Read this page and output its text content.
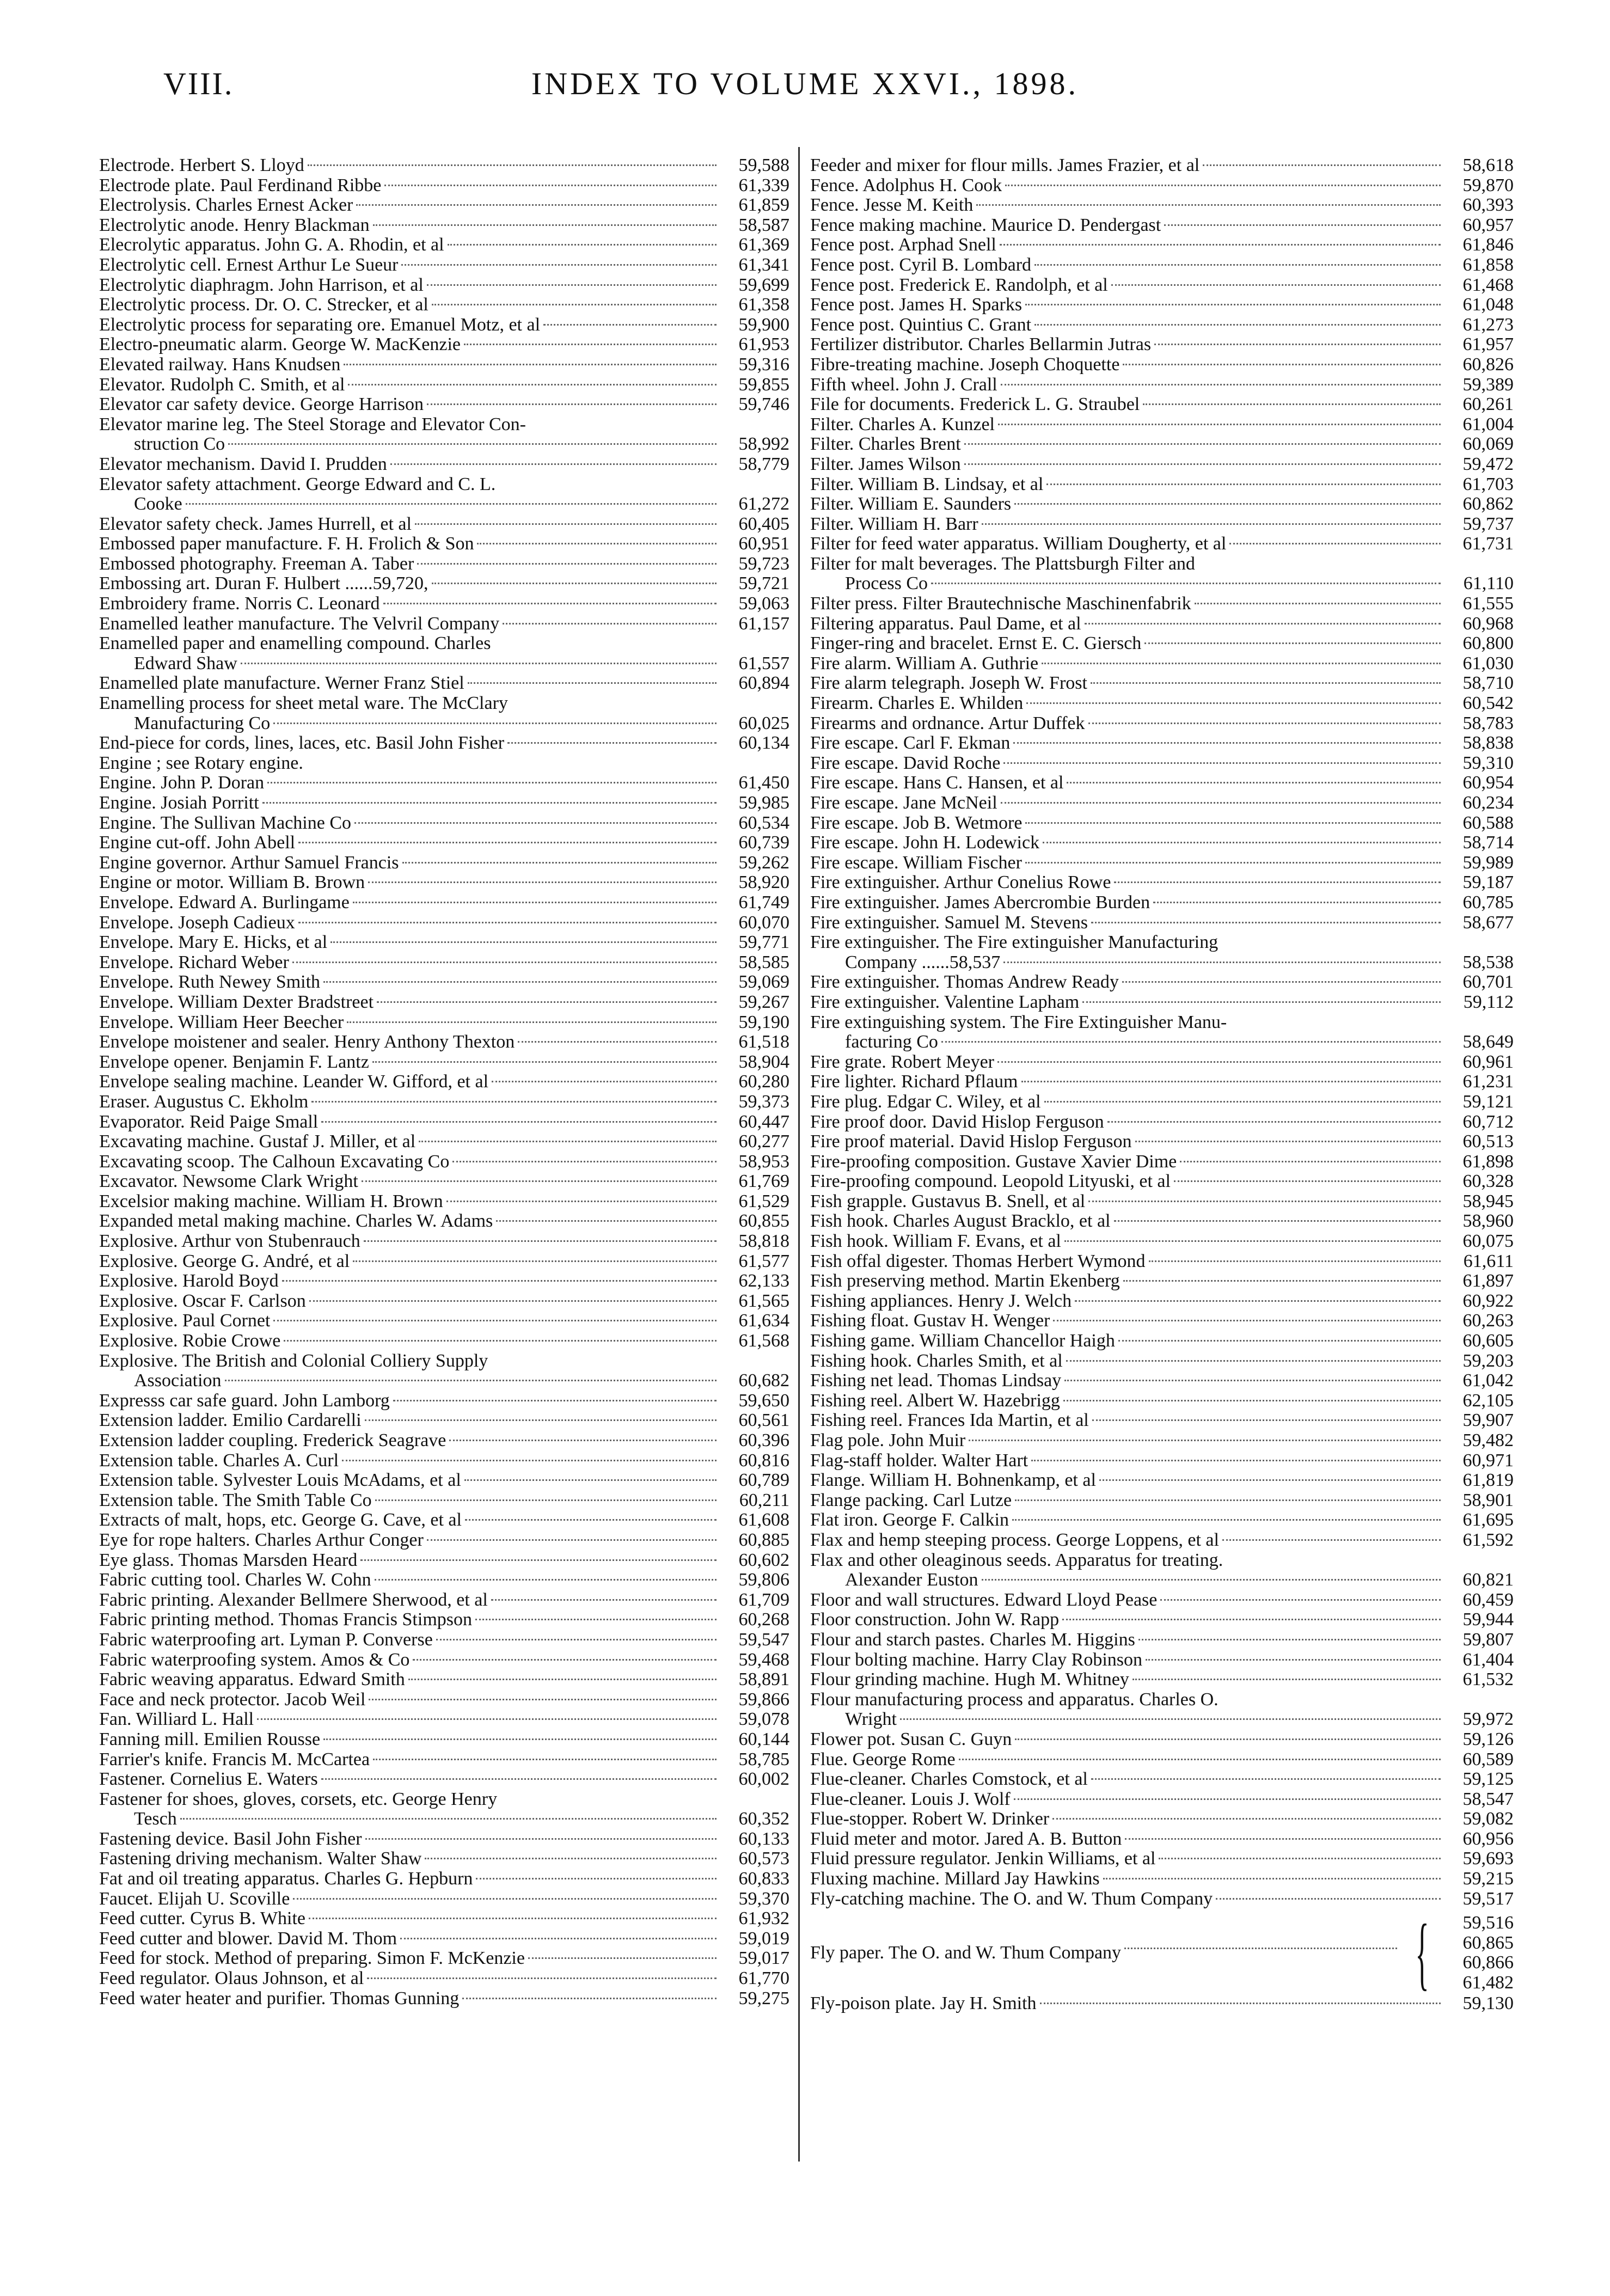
VIII.	INDEX TO VOLUME XXVI., 1898.
Electrode. Herbert S. Lloyd	59,588
Electrode plate. Paul Ferdinand Ribbe	61,339
Electrolysis. Charles Ernest Acker	61,859
Electrolytic anode. Henry Blackman	58,587
Elecrolytic apparatus. John G. A. Rhodin, et al	61,369
Electrolytic cell. Ernest Arthur Le Sueur	61,341
Electrolytic diaphragm. John Harrison, et al	59,699
Electrolytic process. Dr. O. C. Strecker, et al	61,358
Electrolytic process for separating ore. Emanuel Motz, et al	59,900
Electro-pneumatic alarm. George W. MacKenzie	61,953
Elevated railway. Hans Knudsen	59,316
Elevator. Rudolph C. Smith, et al	59,855
Elevator car safety device. George Harrison	59,746
Elevator marine leg. The Steel Storage and Elevator Con-
struction Co	58,992
Elevator mechanism. David I. Prudden	58,779
Elevator safety attachment. George Edward and C. L.
Cooke	61,272
Elevator safety check. James Hurrell, et al	60,405
Embossed paper manufacture. F. H. Frolich & Son	60,951
Embossed photography. Freeman A. Taber	59,723
Embossing art. Duran F. Hulbert ......59,720,	59,721
Embroidery frame. Norris C. Leonard	59,063
Enamelled leather manufacture. The Velvril Company	61,157
Enamelled paper and enamelling compound. Charles
Edward Shaw	61,557
Enamelled plate manufacture. Werner Franz Stiel	60,894
Enamelling process for sheet metal ware. The McClary
Manufacturing Co	60,025
End-piece for cords, lines, laces, etc. Basil John Fisher	60,134
Engine ; see Rotary engine.
Engine. John P. Doran	61,450
Engine. Josiah Porritt	59,985
Engine. The Sullivan Machine Co	60,534
Engine cut-off. John Abell	60,739
Engine governor. Arthur Samuel Francis	59,262
Engine or motor. William B. Brown	58,920
Envelope. Edward A. Burlingame	61,749
Envelope. Joseph Cadieux	60,070
Envelope. Mary E. Hicks, et al	59,771
Envelope. Richard Weber	58,585
Envelope. Ruth Newey Smith	59,069
Envelope. William Dexter Bradstreet	59,267
Envelope. William Heer Beecher	59,190
Envelope moistener and sealer. Henry Anthony Thexton	61,518
Envelope opener. Benjamin F. Lantz	58,904
Envelope sealing machine. Leander W. Gifford, et al	60,280
Eraser. Augustus C. Ekholm	59,373
Evaporator. Reid Paige Small	60,447
Excavating machine. Gustaf J. Miller, et al	60,277
Excavating scoop. The Calhoun Excavating Co	58,953
Excavator. Newsome Clark Wright	61,769
Excelsior making machine. William H. Brown	61,529
Expanded metal making machine. Charles W. Adams	60,855
Explosive. Arthur von Stubenrauch	58,818
Explosive. George G. André, et al	61,577
Explosive. Harold Boyd	62,133
Explosive. Oscar F. Carlson	61,565
Explosive. Paul Cornet	61,634
Explosive. Robie Crowe	61,568
Explosive. The British and Colonial Colliery Supply
Association	60,682
Expresss car safe guard. John Lamborg	59,650
Extension ladder. Emilio Cardarelli	60,561
Extension ladder coupling. Frederick Seagrave	60,396
Extension table. Charles A. Curl	60,816
Extension table. Sylvester Louis McAdams, et al	60,789
Extension table. The Smith Table Co	60,211
Extracts of malt, hops, etc. George G. Cave, et al	61,608
Eye for rope halters. Charles Arthur Conger	60,885
Eye glass. Thomas Marsden Heard	60,602
Fabric cutting tool. Charles W. Cohn	59,806
Fabric printing. Alexander Bellmere Sherwood, et al	61,709
Fabric printing method. Thomas Francis Stimpson	60,268
Fabric waterproofing art. Lyman P. Converse	59,547
Fabric waterproofing system. Amos & Co	59,468
Fabric weaving apparatus. Edward Smith	58,891
Face and neck protector. Jacob Weil	59,866
Fan. Williard L. Hall	59,078
Fanning mill. Emilien Rousse	60,144
Farrier's knife. Francis M. McCartea	58,785
Fastener. Cornelius E. Waters	60,002
Fastener for shoes, gloves, corsets, etc. George Henry
Tesch	60,352
Fastening device. Basil John Fisher	60,133
Fastening driving mechanism. Walter Shaw	60,573
Fat and oil treating apparatus. Charles G. Hepburn	60,833
Faucet. Elijah U. Scoville	59,370
Feed cutter. Cyrus B. White	61,932
Feed cutter and blower. David M. Thom	59,019
Feed for stock. Method of preparing. Simon F. McKenzie	59,017
Feed regulator. Olaus Johnson, et al	61,770
Feed water heater and purifier. Thomas Gunning	59,275
Feeder and mixer for flour mills. James Frazier, et al	58,618
Fence. Adolphus H. Cook	59,870
Fence. Jesse M. Keith	60,393
Fence making machine. Maurice D. Pendergast	60,957
Fence post. Arphad Snell	61,846
Fence post. Cyril B. Lombard	61,858
Fence post. Frederick E. Randolph, et al	61,468
Fence post. James H. Sparks	61,048
Fence post. Quintius C. Grant	61,273
Fertilizer distributor. Charles Bellarmin Jutras	61,957
Fibre-treating machine. Joseph Choquette	60,826
Fifth wheel. John J. Crall	59,389
File for documents. Frederick L. G. Straubel	60,261
Filter. Charles A. Kunzel	61,004
Filter. Charles Brent	60,069
Filter. James Wilson	59,472
Filter. William B. Lindsay, et al	61,703
Filter. William E. Saunders	60,862
Filter. William H. Barr	59,737
Filter for feed water apparatus. William Dougherty, et al	61,731
Filter for malt beverages. The Plattsburgh Filter and
Process Co	61,110
Filter press. Filter Brautechnische Maschinenfabrik	61,555
Filtering apparatus. Paul Dame, et al	60,968
Finger-ring and bracelet. Ernst E. C. Giersch	60,800
Fire alarm. William A. Guthrie	61,030
Fire alarm telegraph. Joseph W. Frost	58,710
Firearm. Charles E. Whilden	60,542
Firearms and ordnance. Artur Duffek	58,783
Fire escape. Carl F. Ekman	58,838
Fire escape. David Roche	59,310
Fire escape. Hans C. Hansen, et al	60,954
Fire escape. Jane McNeil	60,234
Fire escape. Job B. Wetmore	60,588
Fire escape. John H. Lodewick	58,714
Fire escape. William Fischer	59,989
Fire extinguisher. Arthur Conelius Rowe	59,187
Fire extinguisher. James Abercrombie Burden	60,785
Fire extinguisher. Samuel M. Stevens	58,677
Fire extinguisher. The Fire extinguisher Manufacturing
Company ......58,537	58,538
Fire extinguisher. Thomas Andrew Ready	60,701
Fire extinguisher. Valentine Lapham	59,112
Fire extinguishing system. The Fire Extinguisher Manu-
facturing Co	58,649
Fire grate. Robert Meyer	60,961
Fire lighter. Richard Pflaum	61,231
Fire plug. Edgar C. Wiley, et al	59,121
Fire proof door. David Hislop Ferguson	60,712
Fire proof material. David Hislop Ferguson	60,513
Fire-proofing composition. Gustave Xavier Dime	61,898
Fire-proofing compound. Leopold Lityuski, et al	60,328
Fish grapple. Gustavus B. Snell, et al	58,945
Fish hook. Charles August Bracklo, et al	58,960
Fish hook. William F. Evans, et al	60,075
Fish offal digester. Thomas Herbert Wymond	61,611
Fish preserving method. Martin Ekenberg	61,897
Fishing appliances. Henry J. Welch	60,922
Fishing float. Gustav H. Wenger	60,263
Fishing game. William Chancellor Haigh	60,605
Fishing hook. Charles Smith, et al	59,203
Fishing net lead. Thomas Lindsay	61,042
Fishing reel. Albert W. Hazebrigg	62,105
Fishing reel. Frances Ida Martin, et al	59,907
Flag pole. John Muir	59,482
Flag-staff holder. Walter Hart	60,971
Flange. William H. Bohnenkamp, et al	61,819
Flange packing. Carl Lutze	58,901
Flat iron. George F. Calkin	61,695
Flax and hemp steeping process. George Loppens, et al	61,592
Flax and other oleaginous seeds. Apparatus for treating.
Alexander Euston	60,821
Floor and wall structures. Edward Lloyd Pease	60,459
Floor construction. John W. Rapp	59,944
Flour and starch pastes. Charles M. Higgins	59,807
Flour bolting machine. Harry Clay Robinson	61,404
Flour grinding machine. Hugh M. Whitney	61,532
Flour manufacturing process and apparatus. Charles O.
Wright	59,972
Flower pot. Susan C. Guyn	59,126
Flue. George Rome	60,589
Flue-cleaner. Charles Comstock, et al	59,125
Flue-cleaner. Louis J. Wolf	58,547
Flue-stopper. Robert W. Drinker	59,082
Fluid meter and motor. Jared A. B. Button	60,956
Fluid pressure regulator. Jenkin Williams, et al	59,693
Fluxing machine. Millard Jay Hawkins	59,215
Fly-catching machine. The O. and W. Thum Company	59,517
Fly paper. The O. and W. Thum Company	{	59,516
60,865
60,866
61,482
Fly-poison plate. Jay H. Smith	59,130
